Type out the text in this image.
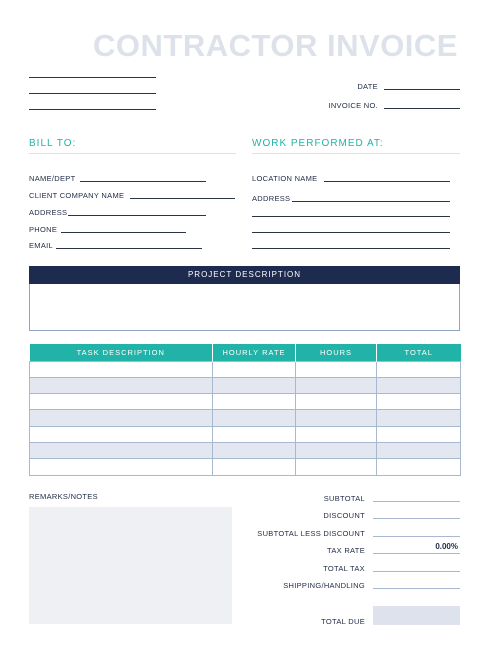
CONTRACTOR INVOICE
DATE
INVOICE NO.
BILL TO:
NAME/DEPT
CLIENT COMPANY NAME
ADDRESS
PHONE
EMAIL
WORK PERFORMED AT:
LOCATION NAME
ADDRESS
PROJECT DESCRIPTION
TASK DESCRIPTION	HOURLY RATE	HOURS	TOTAL

REMARKS/NOTES	SUBTOTAL
DISCOUNT
SUBTOTAL LESS DISCOUNT
TAX RATE	0.00%
TOTAL TAX
SHIPPING/HANDLING
TOTAL DUE
